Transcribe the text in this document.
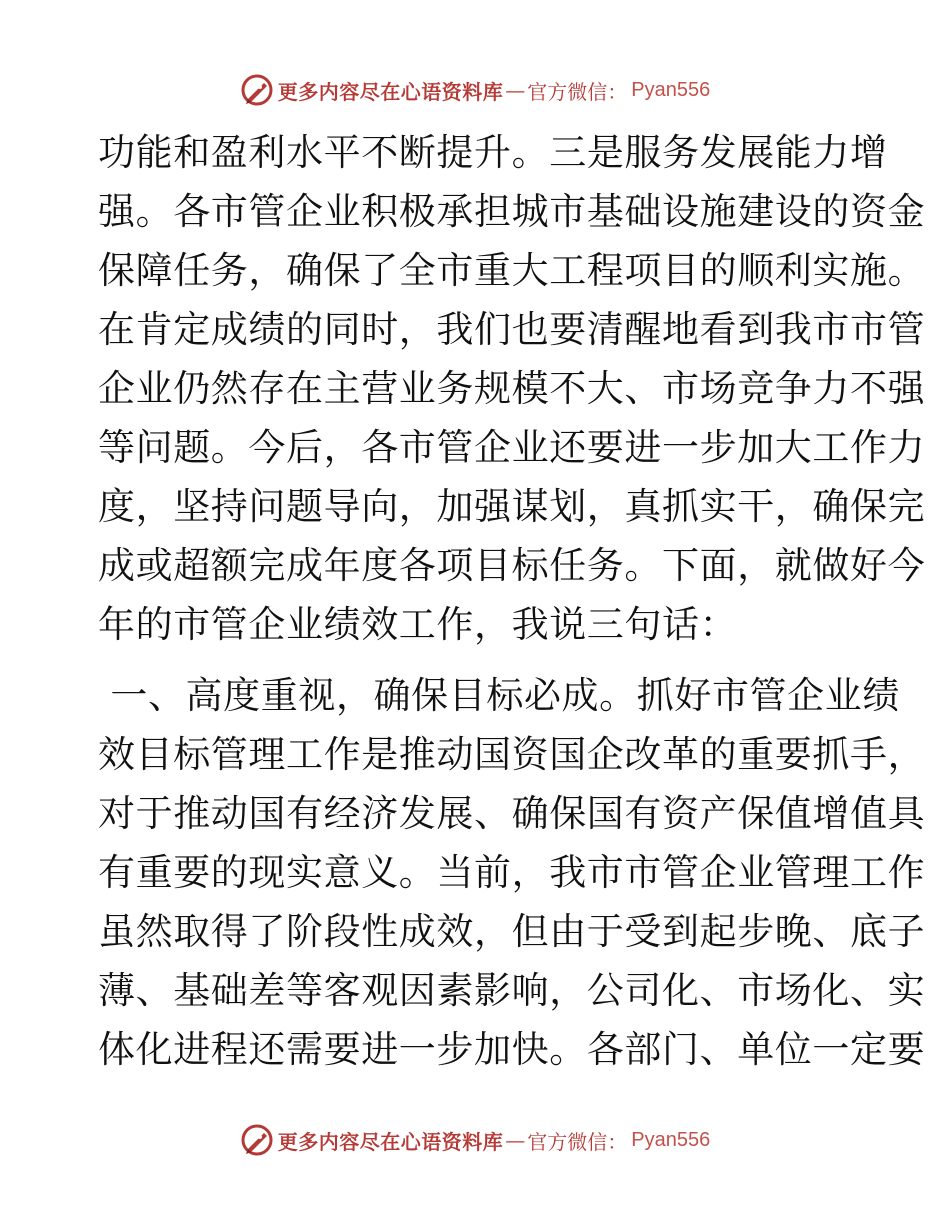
更多内容尽在心语资料库 — 官方微信： Pyan556
功能和盈利水平不断提升。三是服务发展能力增
强。各市管企业积极承担城市基础设施建设的资金
保障任务，确保了全市重大工程项目的顺利实施。
在肯定成绩的同时，我们也要清醒地看到我市市管
企业仍然存在主营业务规模不大、市场竞争力不强
等问题。今后，各市管企业还要进一步加大工作力
度，坚持问题导向，加强谋划，真抓实干，确保完
成或超额完成年度各项目标任务。下面，就做好今
年的市管企业绩效工作，我说三句话：
一、高度重视，确保目标必成。抓好市管企业绩
效目标管理工作是推动国资国企改革的重要抓手，
对于推动国有经济发展、确保国有资产保值增值具
有重要的现实意义。当前，我市市管企业管理工作
虽然取得了阶段性成效，但由于受到起步晚、底子
薄、基础差等客观因素影响，公司化、市场化、实
体化进程还需要进一步加快。各部门、单位一定要
更多内容尽在心语资料库 — 官方微信： Pyan556
